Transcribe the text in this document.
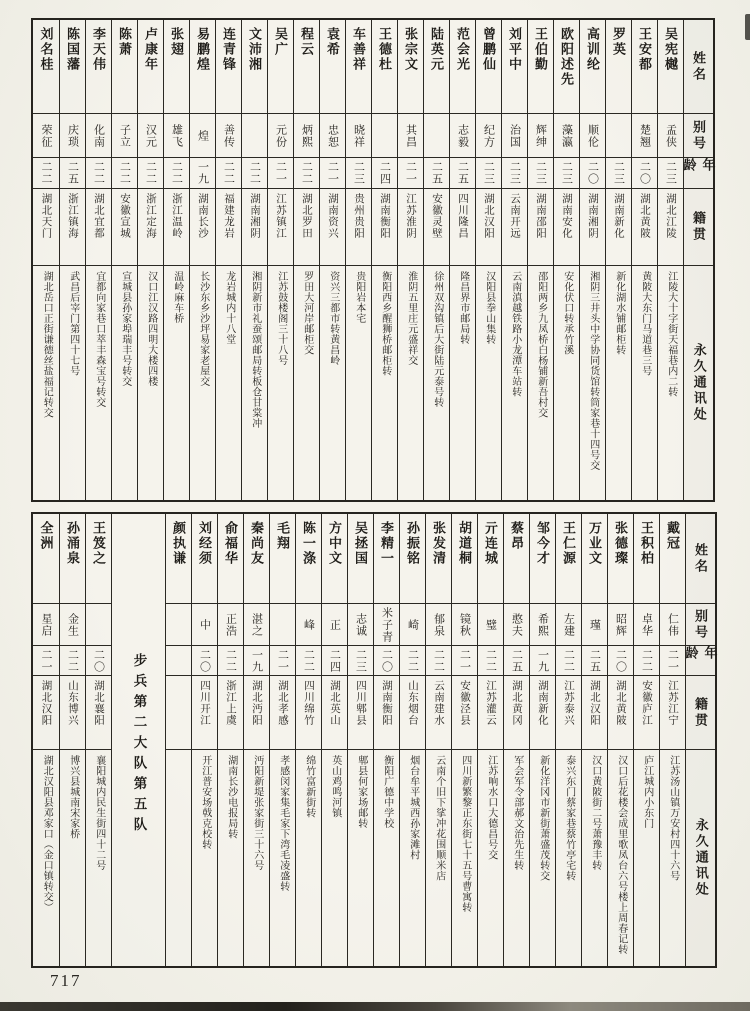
姓名
别号
年龄
籍贯
永久通讯处
吴宪樾
孟侠
二三
湖北江陵
江陵大十字街天福巷内二转
王安都
楚翘
二〇
湖北黄陂
黄陂大东门马道巷三号
罗英
二三
湖南新化
新化湖水铺邮柜转
高训纶
顺伦
二〇
湖南湘阴
湘阴三井头中学协同货馆转筒家巷十四号交
欧阳述先
藻瀛
二三
湖南安化
安化伏口转承竹溪
王伯勤
辉绅
二三
湖南邵阳
邵阳两乡九凤桥白杨铺新吾村交
刘平中
治国
二三
云南开远
云南滇越铁路小龙潭车站转
曾鹏仙
纪方
二三
湖北汉阳
汉阳县拳山集转
范会光
志毅
二五
四川隆昌
隆昌界市邮局转
陆英元
二五
安徽灵壁
徐州双沟镇后大街陆元泰号转
张宗文
其昌
二一
江苏淮阴
淮阴五里庄元盛祥交
王德杜
二四
湖南衡阳
衡阳西乡醒狮桥邮柜转
车善祥
晓祥
二三
贵州贵阳
贵阳岩本宅
袁希
忠恕
二一
湖南资兴
资兴三都市转黄昌岭
程云
炳熙
二二
湖北罗田
罗田大河岸邮柜交
吴广
元份
二一
江苏镇江
江苏鼓楼阁三十八号
文沛湘
二二
湖南湘阴
湘阴新市礼蚕颂邮局转板仓甘棠冲
连青锋
善传
二二
福建龙岩
龙岩城内十八堂
易鹏煌
煌
一九
湖南长沙
长沙东乡沙坪易家老屋交
张翅
雄飞
二二
浙江温岭
温岭麻车桥
卢康年
汉元
二二
浙江定海
汉口江汉路四明大楼四楼
陈萧
子立
二二
安徽宣城
宣城县孙家埠瑞丰号转交
李天伟
化南
二二
湖北宜都
宜都向家巷口萃丰森宝号转交
陈国藩
庆琐
二五
浙江镇海
武昌后宰门第四十七号
刘名桂
荣征
二二
湖北天门
湖北岳口正街谦德丝盐福记转交
姓名
别号
年龄
籍贯
永久通讯处
戴冠
仁伟
二一
江苏江宁
江苏汤山镇万安村四十六号
王积柏
卓华
二二
安徽庐江
庐江城内小东门
张德璨
昭辉
二〇
湖北黄陂
汉口后花楼会成里歌凤台六号楼上周春记转
万业文
瑾
二五
湖北汉阳
汉口黄陂街二号萧豫丰转
王仁源
左建
二二
江苏泰兴
泰兴东门蔡家巷蔡竹亭宅转
邹今才
希熙
一九
湖南新化
新化洋冈市新街萧盛茂转交
蔡昂
憨夫
二五
湖北黄冈
军会军令部郝文治先生转
亓连城
璧
二二
江苏灌云
江苏响水口大德昌号交
胡道桐
镜秋
二一
安徽泾县
四川新繁黎正东街七十五号曹寓转
张发清
郁泉
二二
云南建水
云南个旧下挲冲花围顺米店
孙振铭
崎
二二
山东烟台
烟台牟平城西孙家滩村
李精一
米子青
二〇
湖南衡阳
衡阳广德中学校
吴拯国
志诚
二三
四川郫县
郫县何家场邮转
方中文
正
二四
湖北英山
英山鸡鸣河镇
陈一涤
峰
二二
四川绵竹
绵竹富新街转
毛翔
二一
湖北孝感
孝感闵家集毛家下湾毛凌盛转
秦尚友
湛之
一九
湖北沔阳
沔阳新堤张家街三十六号
俞福华
正浩
二二
浙江上虞
湖南长沙电报局转
刘经须
中
二〇
四川开江
开江普安场戟克校转
颜执谦
步兵第二大队第五队
王笈之
二〇
湖北襄阳
襄阳城内民生街四十二号
孙涌泉
金生
二二
山东博兴
博兴县城南宋家桥
全洲
星启
二一
湖北汉阳
湖北汉阳县邓家口（金口镇转交）
717
